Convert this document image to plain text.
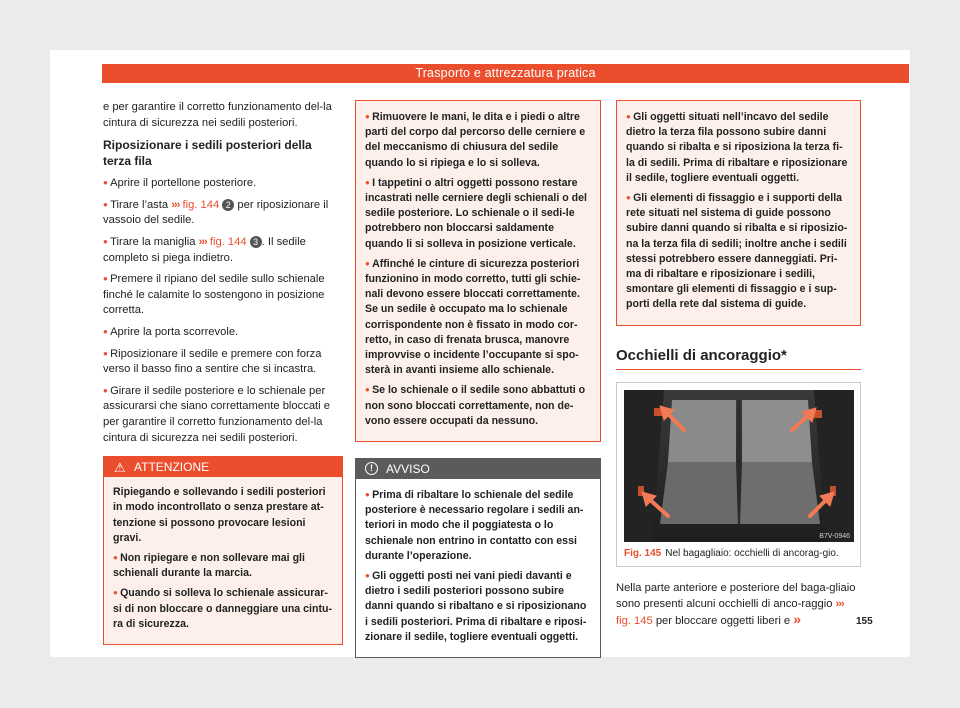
Trasporto e attrezzatura pratica

e per garantire il corretto funzionamento del-la cintura di sicurezza nei sedili posteriori.

Riposizionare i sedili posteriori della terza fila

● Aprire il portellone posteriore.

● Tirare l’asta ››› fig. 144 2 per riposizionare il vassoio del sedile.

● Tirare la maniglia ››› fig. 144 3 . Il sedile completo si piega indietro.

● Premere il ripiano del sedile sullo schienale finché le calamite lo sostengono in posizione corretta.

● Aprire la porta scorrevole.

● Riposizionare il sedile e premere con forza verso il basso fino a sentire che si incastra.

● Girare il sedile posteriore e lo schienale per assicurarsi che siano correttamente bloccati e per garantire il corretto funzionamento del-la cintura di sicurezza nei sedili posteriori.

⚠ ATTENZIONE

Ripiegando e sollevando i sedili posteriori in modo incontrollato o senza prestare at-tenzione si possono provocare lesioni gravi.

● Non ripiegare e non sollevare mai gli schienali durante la marcia.

● Quando si solleva lo schienale assicurar-si di non bloccare o danneggiare una cintu-ra di sicurezza.

● Rimuovere le mani, le dita e i piedi o altre parti del corpo dal percorso delle cerniere e del meccanismo di chiusura del sedile quando lo si ripiega e lo si solleva.

● I tappetini o altri oggetti possono restare incastrati nelle cerniere degli schienali o del sedile posteriore. Lo schienale o il sedi-le potrebbero non bloccarsi saldamente quando li si solleva in posizione verticale.

● Affinché le cinture di sicurezza posteriori funzionino in modo corretto, tutti gli schie-nali devono essere bloccati correttamente. Se un sedile è occupato ma lo schienale corrispondente non è fissato in modo cor-retto, in caso di frenata brusca, manovre improvvise o incidente l’occupante si spo-sterà in avanti insieme allo schienale.

● Se lo schienale o il sedile sono abbattuti o non sono bloccati correttamente, non de-vono essere occupati da nessuno.

!	AVVISO

● Prima di ribaltare lo schienale del sedile posteriore è necessario regolare i sedili an-teriori in modo che il poggiatesta o lo schienale non entrino in contatto con essi durante l’operazione.

● Gli oggetti posti nei vani piedi davanti e dietro i sedili posteriori possono subire danni quando si ribaltano e si riposizionano i sedili posteriori. Prima di ribaltare e riposi-zionare il sedile, togliere eventuali oggetti.

● Gli oggetti situati nell’incavo del sedile dietro la terza fila possono subire danni quando si ribalta e si riposiziona la terza fi-la di sedili. Prima di ribaltare e riposizionare il sedile, togliere eventuali oggetti.

● Gli elementi di fissaggio e i supporti della rete situati nel sistema di guide possono subire danni quando si ribalta e si riposizio-na la terza fila di sedili; inoltre anche i sedili stessi potrebbero essere danneggiati. Pri-ma di ribaltare e riposizionare i sedili, smontare gli elementi di fissaggio e i sup-porti della rete dal sistema di guide.

Occhielli di ancoraggio*
B7V-0946
Fig. 145 Nel bagagliaio: occhielli di ancorag-gio.

Nella parte anteriore e posteriore del baga-gliaio sono presenti alcuni occhielli di anco-raggio ››› fig. 145 per bloccare oggetti liberi e »	155
